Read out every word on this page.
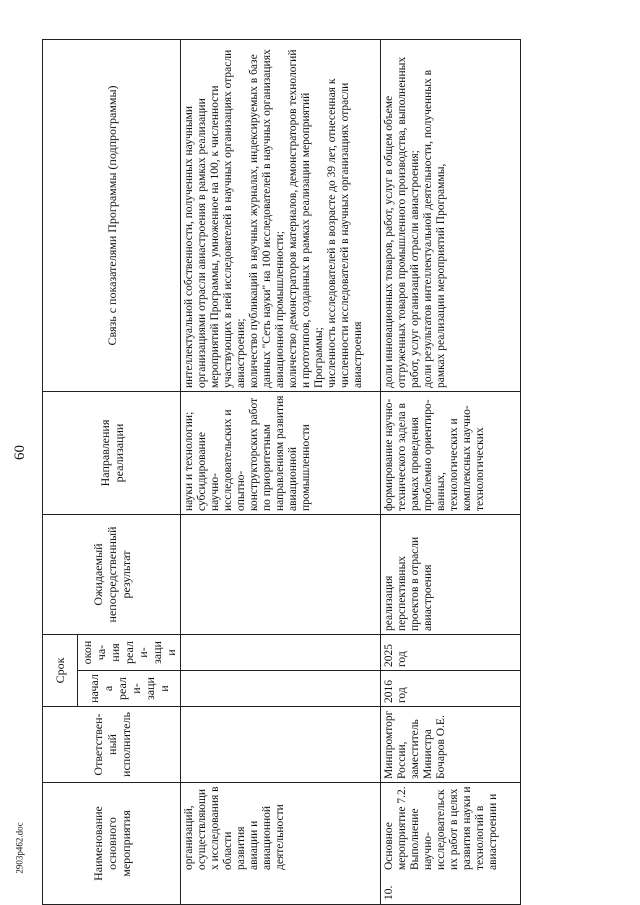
60
2903р462.doc	Наименование основного мероприятия	Ответствен-ный исполнитель	Срок		Ожидаемый непосредственный результат	Направления реализации	Связь с показателями Программы (подпрограммы)
		начала реали-зации	оконча-ния реали-зации			
организаций, осуществляющих исследования в области развития авиации и авиационной деятельности					науки и технологии; субсидирование научно-исследовательских и опытно-конструкторских работ по приоритетным направлениям развития авиационной промышленности	интеллектуальной собственности, полученных научными организациями отрасли авиастроения в рамках реализации мероприятий Программы, умноженное на 100, к численности участвующих в ней исследователей в научных организациях отрасли авиастроения;
количество публикаций в научных журналах, индексируемых в базе данных "Сеть науки" на 100 исследователей в научных организациях авиационной промышленности;
количество демонстраторов материалов, демонстраторов технологий и прототипов, созданных в рамках реализации мероприятий Программы;
численность исследователей в возрасте до 39 лет, отнесенная к численности исследователей в научных организациях отрасли авиастроения

10.
Основное мероприятие 7.2. Выполнение научно-исследовательских работ в целях развития науки и технологий в авиастроении и	Минпромторг России, заместитель Министра Бочаров О.Е.	2016 год	2025 год	реализация перспективных проектов в отрасли авиастроения	формирование научно-технического задела в рамках проведения проблемно ориентиро-ванных, технологических и комплексных научно-технологических	доли инновационных товаров, работ, услуг в общем объеме отгруженных товаров промышленного производства, выполненных работ, услуг организаций отрасли авиастроения;
доли результатов интеллектуальной деятельности, полученных в рамках реализации мероприятий Программы,
